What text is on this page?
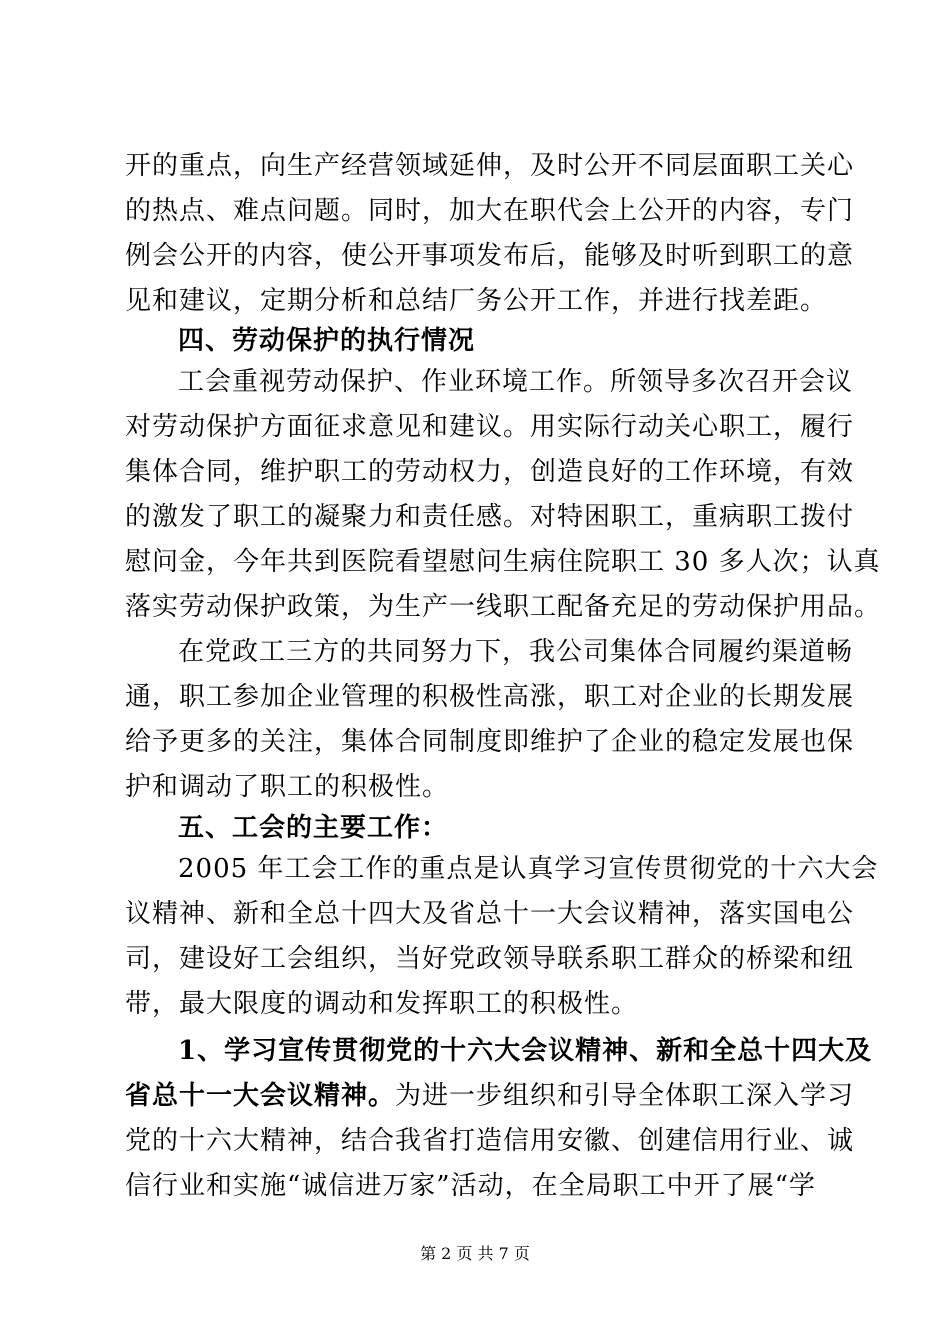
开的重点，向生产经营领域延伸，及时公开不同层面职工关心
的热点、难点问题。同时，加大在职代会上公开的内容，专门
例会公开的内容，使公开事项发布后，能够及时听到职工的意
见和建议，定期分析和总结厂务公开工作，并进行找差距。
四、劳动保护的执行情况
工会重视劳动保护、作业环境工作。所领导多次召开会议
对劳动保护方面征求意见和建议。用实际行动关心职工，履行
集体合同，维护职工的劳动权力，创造良好的工作环境，有效
的激发了职工的凝聚力和责任感。对特困职工，重病职工拨付
慰问金，今年共到医院看望慰问生病住院职工 30 多人次；认真
落实劳动保护政策，为生产一线职工配备充足的劳动保护用品。
在党政工三方的共同努力下，我公司集体合同履约渠道畅
通，职工参加企业管理的积极性高涨，职工对企业的长期发展
给予更多的关注，集体合同制度即维护了企业的稳定发展也保
护和调动了职工的积极性。
五、工会的主要工作：
2005 年工会工作的重点是认真学习宣传贯彻党的十六大会
议精神、新和全总十四大及省总十一大会议精神，落实国电公
司，建设好工会组织，当好党政领导联系职工群众的桥梁和纽
带，最大限度的调动和发挥职工的积极性。
1、学习宣传贯彻党的十六大会议精神、新和全总十四大及
省总十一大会议精神。为进一步组织和引导全体职工深入学习
党的十六大精神，结合我省打造信用安徽、创建信用行业、诚
信行业和实施“诚信进万家”活动，在全局职工中开了展“学
第 2 页 共 7 页
